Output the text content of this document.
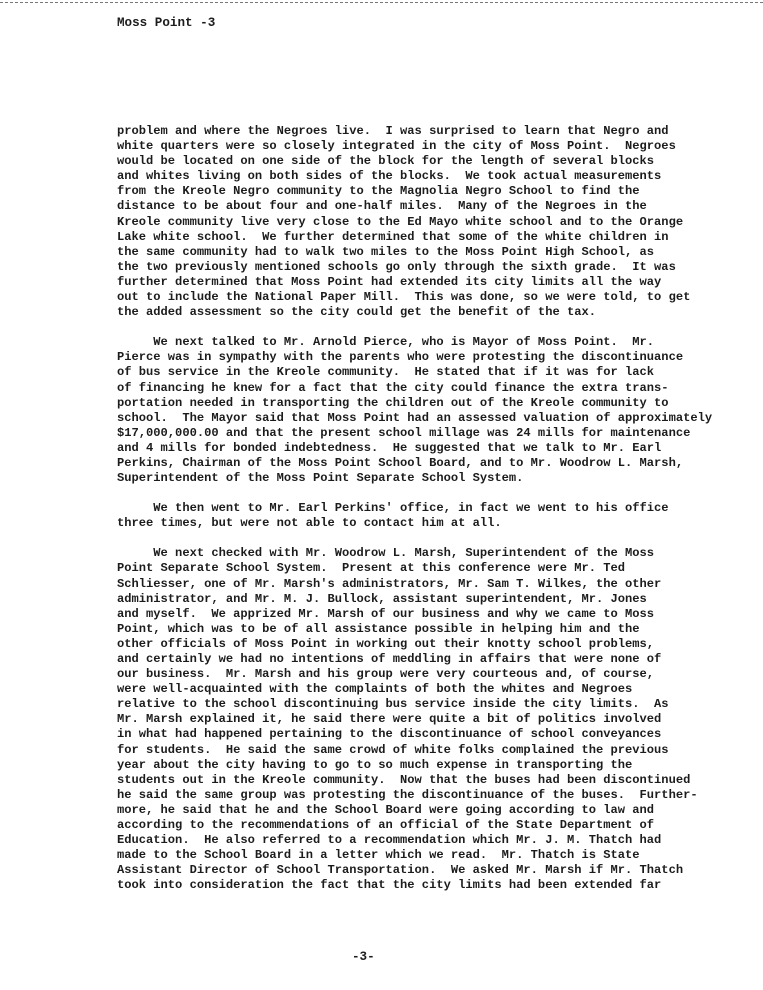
Moss Point -3
problem and where the Negroes live.  I was surprised to learn that Negro and
white quarters were so closely integrated in the city of Moss Point.  Negroes
would be located on one side of the block for the length of several blocks
and whites living on both sides of the blocks.  We took actual measurements
from the Kreole Negro community to the Magnolia Negro School to find the
distance to be about four and one-half miles.  Many of the Negroes in the
Kreole community live very close to the Ed Mayo white school and to the Orange
Lake white school.  We further determined that some of the white children in
the same community had to walk two miles to the Moss Point High School, as
the two previously mentioned schools go only through the sixth grade.  It was
further determined that Moss Point had extended its city limits all the way
out to include the National Paper Mill.  This was done, so we were told, to get
the added assessment so the city could get the benefit of the tax.
We next talked to Mr. Arnold Pierce, who is Mayor of Moss Point.  Mr.
Pierce was in sympathy with the parents who were protesting the discontinuance
of bus service in the Kreole community.  He stated that if it was for lack
of financing he knew for a fact that the city could finance the extra trans-
portation needed in transporting the children out of the Kreole community to
school.  The Mayor said that Moss Point had an assessed valuation of approximately
$17,000,000.00 and that the present school millage was 24 mills for maintenance
and 4 mills for bonded indebtedness.  He suggested that we talk to Mr. Earl
Perkins, Chairman of the Moss Point School Board, and to Mr. Woodrow L. Marsh,
Superintendent of the Moss Point Separate School System.
We then went to Mr. Earl Perkins' office, in fact we went to his office
three times, but were not able to contact him at all.
We next checked with Mr. Woodrow L. Marsh, Superintendent of the Moss
Point Separate School System.  Present at this conference were Mr. Ted
Schliesser, one of Mr. Marsh's administrators, Mr. Sam T. Wilkes, the other
administrator, and Mr. M. J. Bullock, assistant superintendent, Mr. Jones
and myself.  We apprized Mr. Marsh of our business and why we came to Moss
Point, which was to be of all assistance possible in helping him and the
other officials of Moss Point in working out their knotty school problems,
and certainly we had no intentions of meddling in affairs that were none of
our business.  Mr. Marsh and his group were very courteous and, of course,
were well-acquainted with the complaints of both the whites and Negroes
relative to the school discontinuing bus service inside the city limits.  As
Mr. Marsh explained it, he said there were quite a bit of politics involved
in what had happened pertaining to the discontinuance of school conveyances
for students.  He said the same crowd of white folks complained the previous
year about the city having to go to so much expense in transporting the
students out in the Kreole community.  Now that the buses had been discontinued
he said the same group was protesting the discontinuance of the buses.  Further-
more, he said that he and the School Board were going according to law and
according to the recommendations of an official of the State Department of
Education.  He also referred to a recommendation which Mr. J. M. Thatch had
made to the School Board in a letter which we read.  Mr. Thatch is State
Assistant Director of School Transportation.  We asked Mr. Marsh if Mr. Thatch
took into consideration the fact that the city limits had been extended far
-3-
